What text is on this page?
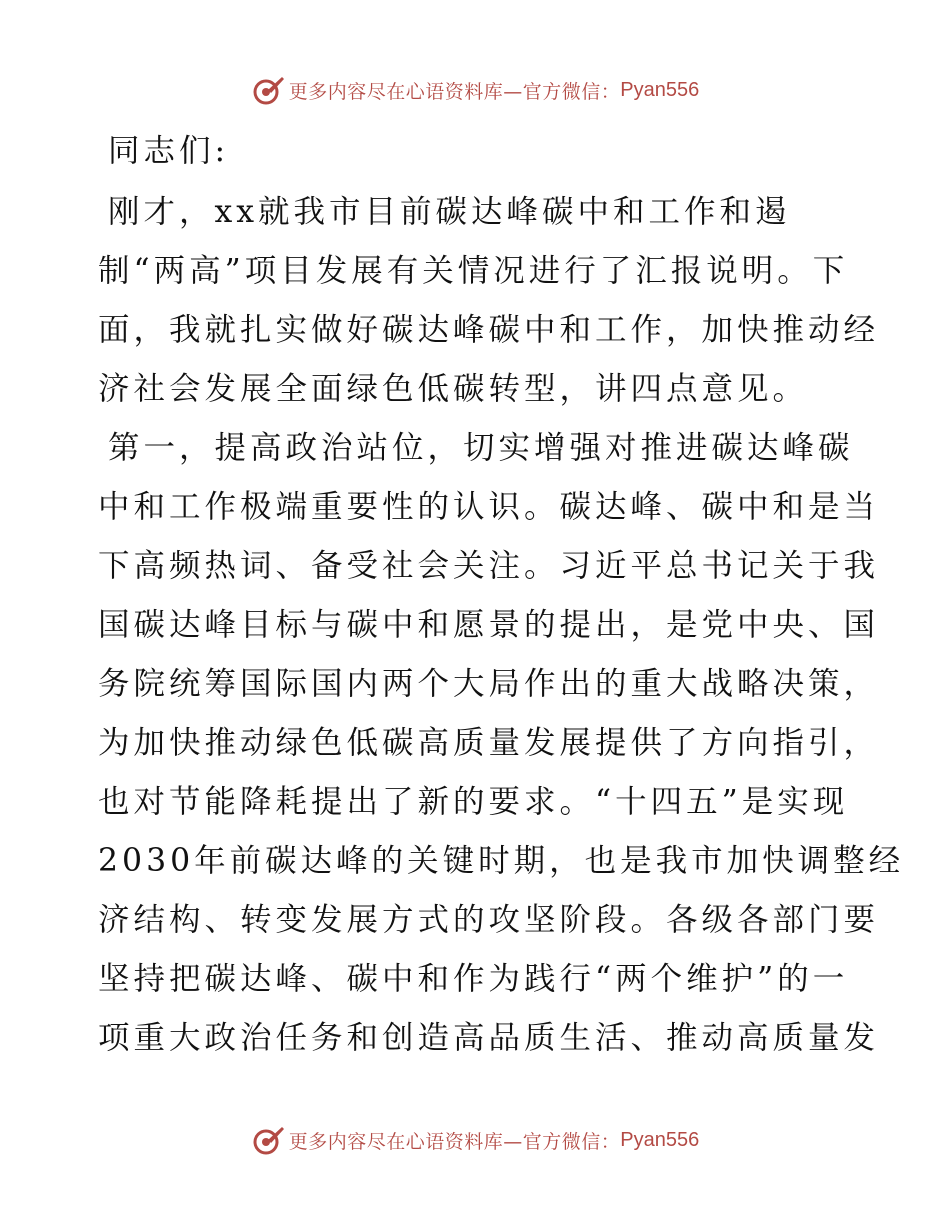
更多内容尽在心语资料库—官方微信： Pyan556
同志们:
刚才，xx就我市目前碳达峰碳中和工作和遏
制“两高”项目发展有关情况进行了汇报说明。下
面，我就扎实做好碳达峰碳中和工作，加快推动经
济社会发展全面绿色低碳转型，讲四点意见。
第一，提高政治站位，切实增强对推进碳达峰碳
中和工作极端重要性的认识。碳达峰、碳中和是当
下高频热词、备受社会关注。习近平总书记关于我
国碳达峰目标与碳中和愿景的提出，是党中央、国
务院统筹国际国内两个大局作出的重大战略决策，
为加快推动绿色低碳高质量发展提供了方向指引，
也对节能降耗提出了新的要求。“十四五”是实现
2030年前碳达峰的关键时期，也是我市加快调整经
济结构、转变发展方式的攻坚阶段。各级各部门要
坚持把碳达峰、碳中和作为践行“两个维护”的一
项重大政治任务和创造高品质生活、推动高质量发
更多内容尽在心语资料库—官方微信： Pyan556
